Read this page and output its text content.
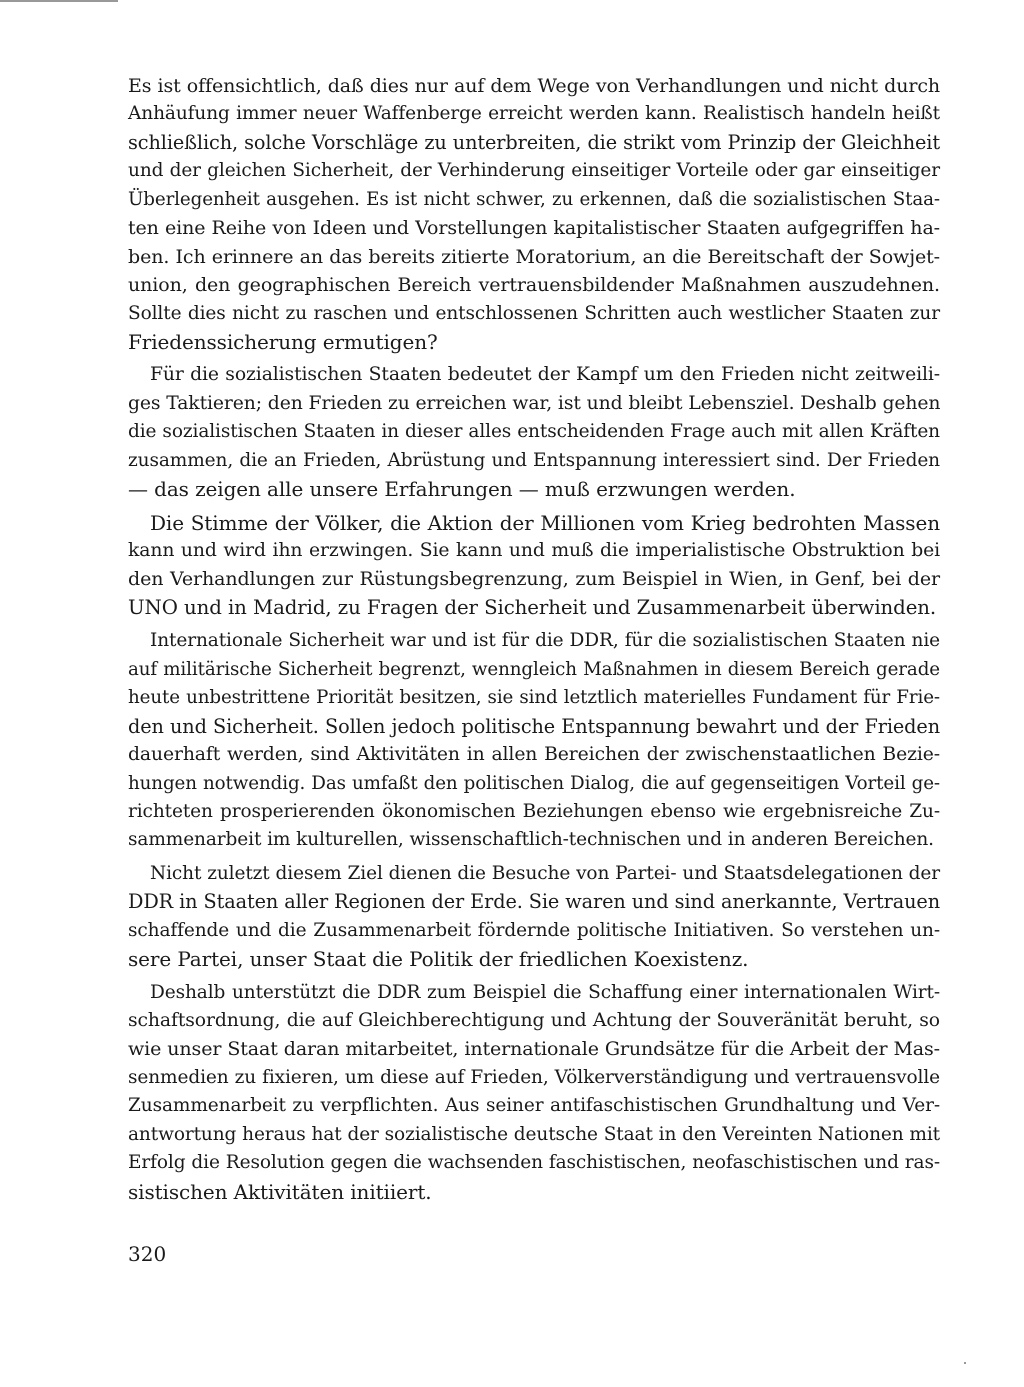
Es ist offensichtlich, daß dies nur auf dem Wege von Verhandlungen und nicht durch
Anhäufung immer neuer Waffenberge erreicht werden kann. Realistisch handeln heißt
schließlich, solche Vorschläge zu unterbreiten, die strikt vom Prinzip der Gleichheit
und der gleichen Sicherheit, der Verhinderung einseitiger Vorteile oder gar einseitiger
Überlegenheit ausgehen. Es ist nicht schwer, zu erkennen, daß die sozialistischen Staa-
ten eine Reihe von Ideen und Vorstellungen kapitalistischer Staaten aufgegriffen ha-
ben. Ich erinnere an das bereits zitierte Moratorium, an die Bereitschaft der Sowjet-
union, den geographischen Bereich vertrauensbildender Maßnahmen auszudehnen.
Sollte dies nicht zu raschen und entschlossenen Schritten auch westlicher Staaten zur
Friedenssicherung ermutigen?
Für die sozialistischen Staaten bedeutet der Kampf um den Frieden nicht zeitweili-
ges Taktieren; den Frieden zu erreichen war, ist und bleibt Lebensziel. Deshalb gehen
die sozialistischen Staaten in dieser alles entscheidenden Frage auch mit allen Kräften
zusammen, die an Frieden, Abrüstung und Entspannung interessiert sind. Der Frieden
— das zeigen alle unsere Erfahrungen — muß erzwungen werden.
Die Stimme der Völker, die Aktion der Millionen vom Krieg bedrohten Massen
kann und wird ihn erzwingen. Sie kann und muß die imperialistische Obstruktion bei
den Verhandlungen zur Rüstungsbegrenzung, zum Beispiel in Wien, in Genf, bei der
UNO und in Madrid, zu Fragen der Sicherheit und Zusammenarbeit überwinden.
Internationale Sicherheit war und ist für die DDR, für die sozialistischen Staaten nie
auf militärische Sicherheit begrenzt, wenngleich Maßnahmen in diesem Bereich gerade
heute unbestrittene Priorität besitzen, sie sind letztlich materielles Fundament für Frie-
den und Sicherheit. Sollen jedoch politische Entspannung bewahrt und der Frieden
dauerhaft werden, sind Aktivitäten in allen Bereichen der zwischenstaatlichen Bezie-
hungen notwendig. Das umfaßt den politischen Dialog, die auf gegenseitigen Vorteil ge-
richteten prosperierenden ökonomischen Beziehungen ebenso wie ergebnisreiche Zu-
sammenarbeit im kulturellen, wissenschaftlich-technischen und in anderen Bereichen.
Nicht zuletzt diesem Ziel dienen die Besuche von Partei- und Staatsdelegationen der
DDR in Staaten aller Regionen der Erde. Sie waren und sind anerkannte, Vertrauen
schaffende und die Zusammenarbeit fördernde politische Initiativen. So verstehen un-
sere Partei, unser Staat die Politik der friedlichen Koexistenz.
Deshalb unterstützt die DDR zum Beispiel die Schaffung einer internationalen Wirt-
schaftsordnung, die auf Gleichberechtigung und Achtung der Souveränität beruht, so
wie unser Staat daran mitarbeitet, internationale Grundsätze für die Arbeit der Mas-
senmedien zu fixieren, um diese auf Frieden, Völkerverständigung und vertrauensvolle
Zusammenarbeit zu verpflichten. Aus seiner antifaschistischen Grundhaltung und Ver-
antwortung heraus hat der sozialistische deutsche Staat in den Vereinten Nationen mit
Erfolg die Resolution gegen die wachsenden faschistischen, neofaschistischen und ras-
sistischen Aktivitäten initiiert.
320
